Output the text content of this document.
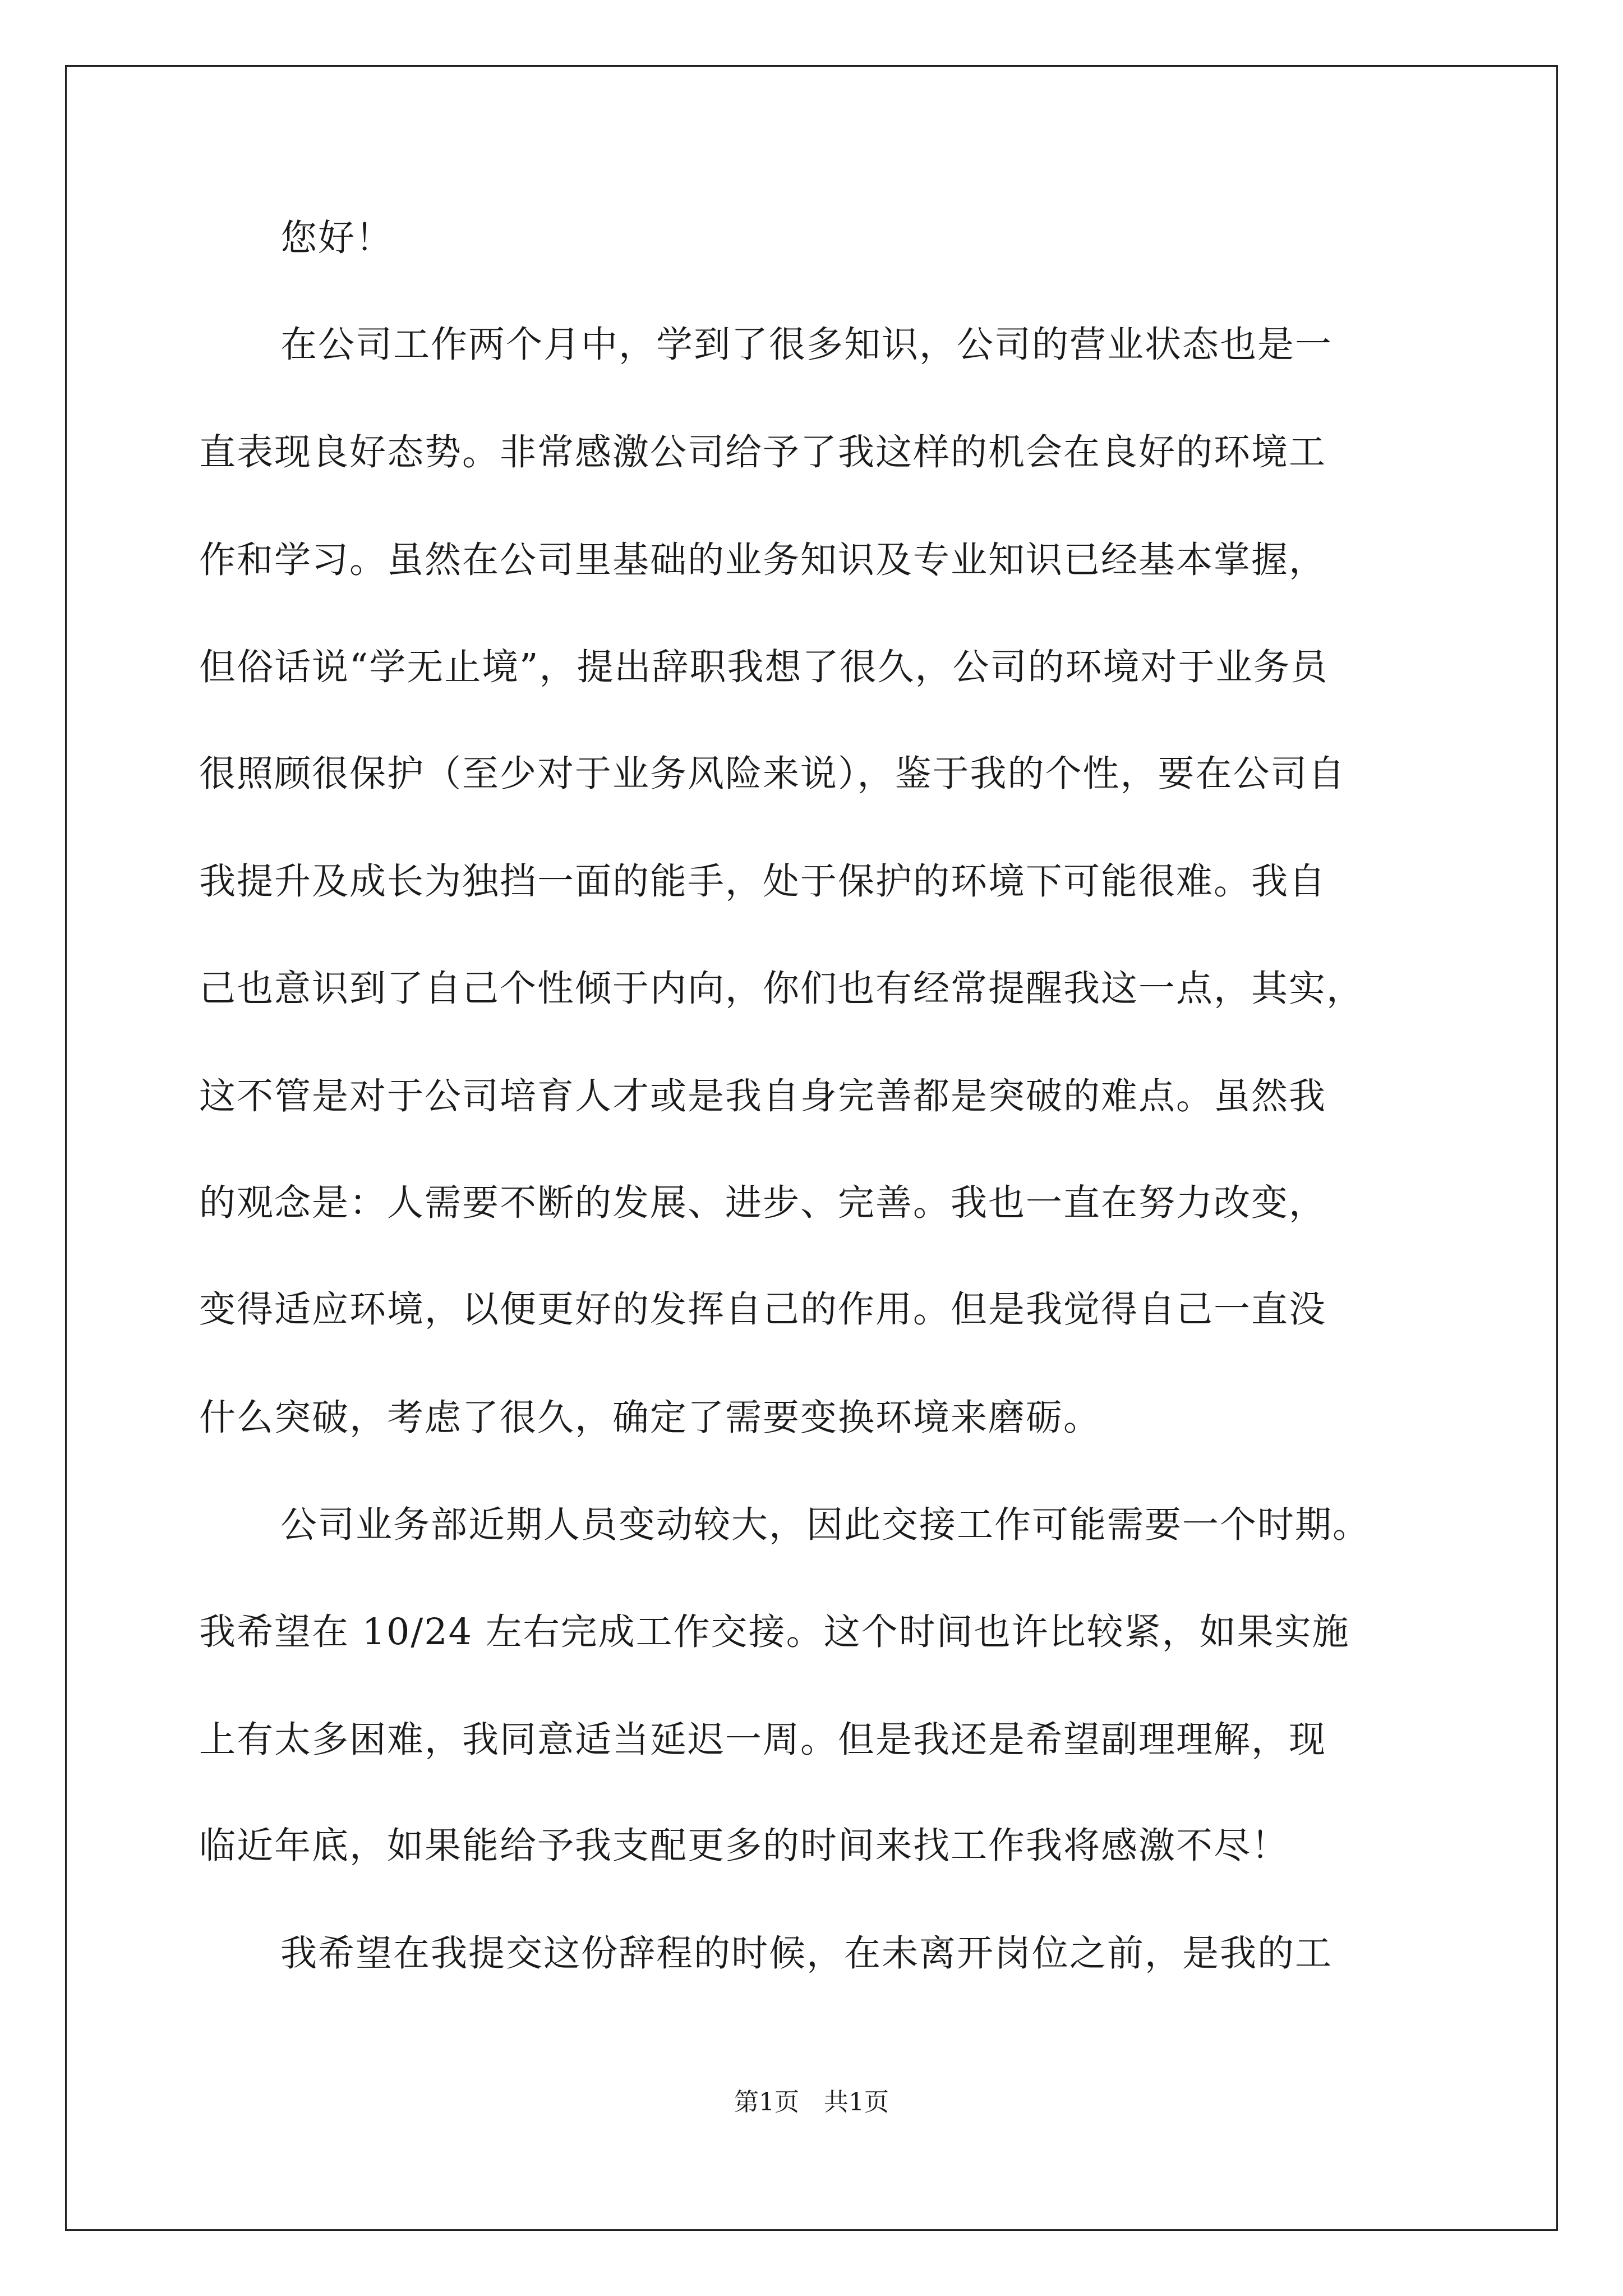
您好！
在公司工作两个月中，学到了很多知识，公司的营业状态也是一
直表现良好态势。非常感激公司给予了我这样的机会在良好的环境工
作和学习。虽然在公司里基础的业务知识及专业知识已经基本掌握，
但俗话说“学无止境”，提出辞职我想了很久，公司的环境对于业务员
很照顾很保护（至少对于业务风险来说），鉴于我的个性，要在公司自
我提升及成长为独挡一面的能手，处于保护的环境下可能很难。我自
己也意识到了自己个性倾于内向，你们也有经常提醒我这一点，其实，
这不管是对于公司培育人才或是我自身完善都是突破的难点。虽然我
的观念是：人需要不断的发展、进步、完善。我也一直在努力改变，
变得适应环境，以便更好的发挥自己的作用。但是我觉得自己一直没
什么突破，考虑了很久，确定了需要变换环境来磨砺。
公司业务部近期人员变动较大，因此交接工作可能需要一个时期。
我希望在 10/24 左右完成工作交接。这个时间也许比较紧，如果实施
上有太多困难，我同意适当延迟一周。但是我还是希望副理理解，现
临近年底，如果能给予我支配更多的时间来找工作我将感激不尽！
我希望在我提交这份辞程的时候，在未离开岗位之前，是我的工
第1页 共1页
